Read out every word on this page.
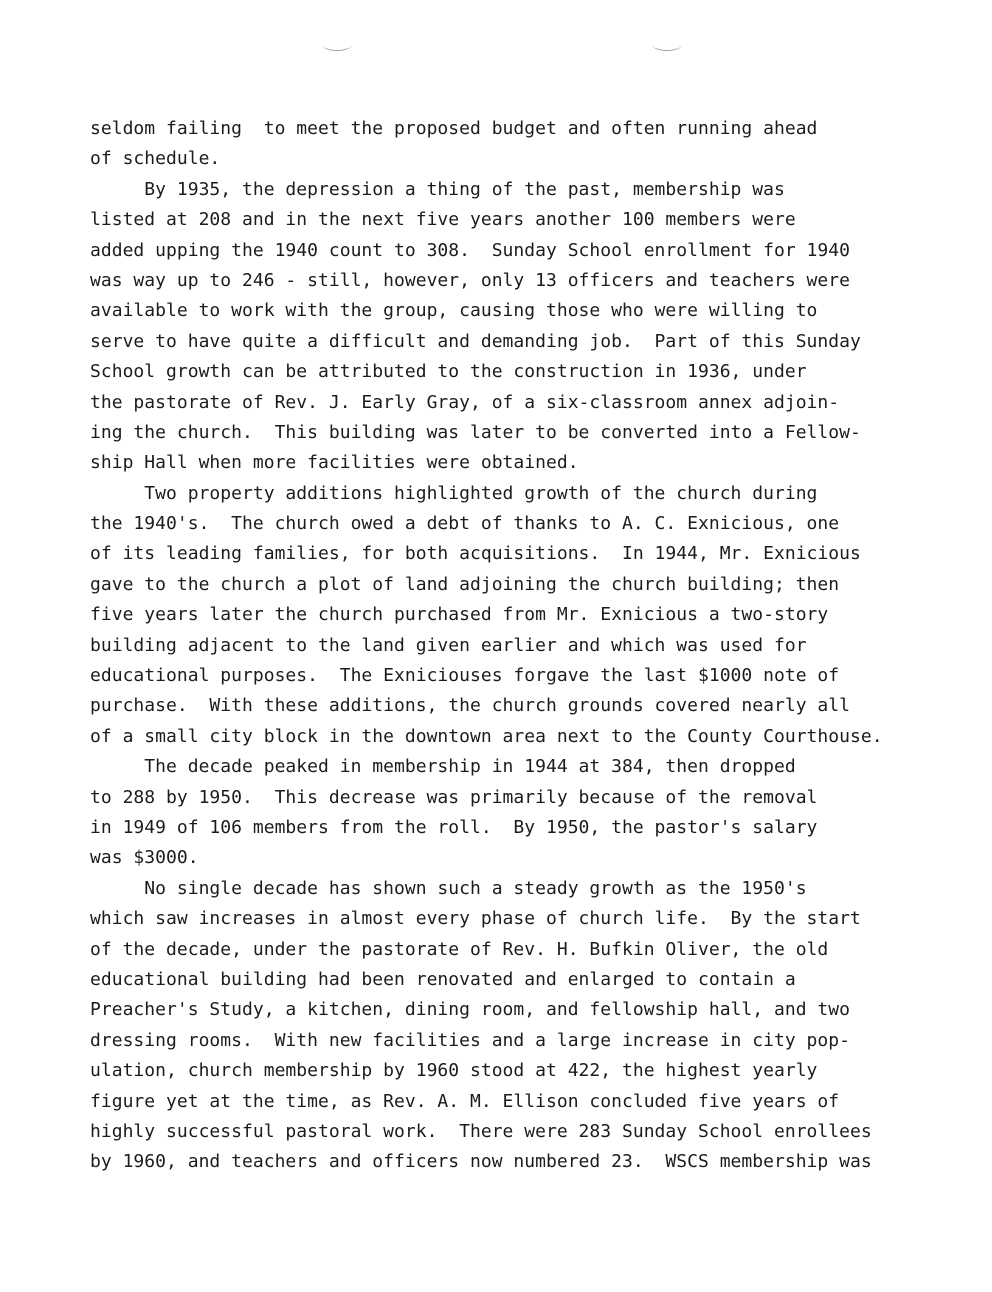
seldom failing  to meet the proposed budget and often running ahead
of schedule.
By 1935, the depression a thing of the past, membership was
listed at 208 and in the next five years another 100 members were
added upping the 1940 count to 308.  Sunday School enrollment for 1940
was way up to 246 - still, however, only 13 officers and teachers were
available to work with the group, causing those who were willing to
serve to have quite a difficult and demanding job.  Part of this Sunday
School growth can be attributed to the construction in 1936, under
the pastorate of Rev. J. Early Gray, of a six-classroom annex adjoin-
ing the church.  This building was later to be converted into a Fellow-
ship Hall when more facilities were obtained.
Two property additions highlighted growth of the church during
the 1940's.  The church owed a debt of thanks to A. C. Exnicious, one
of its leading families, for both acquisitions.  In 1944, Mr. Exnicious
gave to the church a plot of land adjoining the church building; then
five years later the church purchased from Mr. Exnicious a two-story
building adjacent to the land given earlier and which was used for
educational purposes.  The Exniciouses forgave the last $1000 note of
purchase.  With these additions, the church grounds covered nearly all
of a small city block in the downtown area next to the County Courthouse.
The decade peaked in membership in 1944 at 384, then dropped
to 288 by 1950.  This decrease was primarily because of the removal
in 1949 of 106 members from the roll.  By 1950, the pastor's salary
was $3000.
No single decade has shown such a steady growth as the 1950's
which saw increases in almost every phase of church life.  By the start
of the decade, under the pastorate of Rev. H. Bufkin Oliver, the old
educational building had been renovated and enlarged to contain a
Preacher's Study, a kitchen, dining room, and fellowship hall, and two
dressing rooms.  With new facilities and a large increase in city pop-
ulation, church membership by 1960 stood at 422, the highest yearly
figure yet at the time, as Rev. A. M. Ellison concluded five years of
highly successful pastoral work.  There were 283 Sunday School enrollees
by 1960, and teachers and officers now numbered 23.  WSCS membership was
